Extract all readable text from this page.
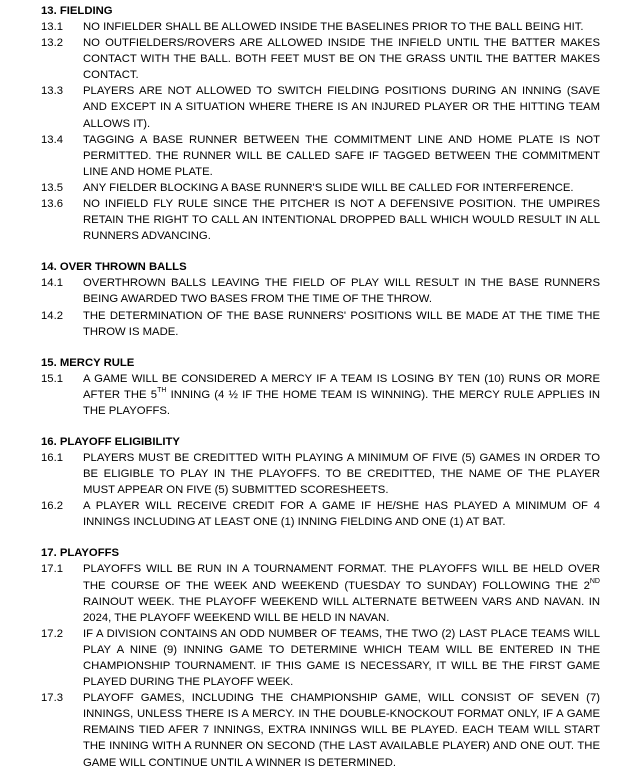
13. FIELDING
13.1	NO INFIELDER SHALL BE ALLOWED INSIDE THE BASELINES PRIOR TO THE BALL BEING HIT.
13.2	NO OUTFIELDERS/ROVERS ARE ALLOWED INSIDE THE INFIELD UNTIL THE BATTER MAKES CONTACT WITH THE BALL. BOTH FEET MUST BE ON THE GRASS UNTIL THE BATTER MAKES CONTACT.
13.3	PLAYERS ARE NOT ALLOWED TO SWITCH FIELDING POSITIONS DURING AN INNING (SAVE AND EXCEPT IN A SITUATION WHERE THERE IS AN INJURED PLAYER OR THE HITTING TEAM ALLOWS IT).
13.4	TAGGING A BASE RUNNER BETWEEN THE COMMITMENT LINE AND HOME PLATE IS NOT PERMITTED. THE RUNNER WILL BE CALLED SAFE IF TAGGED BETWEEN THE COMMITMENT LINE AND HOME PLATE.
13.5	ANY FIELDER BLOCKING A BASE RUNNER'S SLIDE WILL BE CALLED FOR INTERFERENCE.
13.6	NO INFIELD FLY RULE SINCE THE PITCHER IS NOT A DEFENSIVE POSITION. THE UMPIRES RETAIN THE RIGHT TO CALL AN INTENTIONAL DROPPED BALL WHICH WOULD RESULT IN ALL RUNNERS ADVANCING.
14. OVER THROWN BALLS
14.1	OVERTHROWN BALLS LEAVING THE FIELD OF PLAY WILL RESULT IN THE BASE RUNNERS BEING AWARDED TWO BASES FROM THE TIME OF THE THROW.
14.2	THE DETERMINATION OF THE BASE RUNNERS' POSITIONS WILL BE MADE AT THE TIME THE THROW IS MADE.
15. MERCY RULE
15.1	A GAME WILL BE CONSIDERED A MERCY IF A TEAM IS LOSING BY TEN (10) RUNS OR MORE AFTER THE 5TH INNING (4 ½ IF THE HOME TEAM IS WINNING). THE MERCY RULE APPLIES IN THE PLAYOFFS.
16. PLAYOFF ELIGIBILITY
16.1	PLAYERS MUST BE CREDITTED WITH PLAYING A MINIMUM OF FIVE (5) GAMES IN ORDER TO BE ELIGIBLE TO PLAY IN THE PLAYOFFS. TO BE CREDITTED, THE NAME OF THE PLAYER MUST APPEAR ON FIVE (5) SUBMITTED SCORESHEETS.
16.2	A PLAYER WILL RECEIVE CREDIT FOR A GAME IF HE/SHE HAS PLAYED A MINIMUM OF 4 INNINGS INCLUDING AT LEAST ONE (1) INNING FIELDING AND ONE (1) AT BAT.
17. PLAYOFFS
17.1	PLAYOFFS WILL BE RUN IN A TOURNAMENT FORMAT. THE PLAYOFFS WILL BE HELD OVER THE COURSE OF THE WEEK AND WEEKEND (TUESDAY TO SUNDAY) FOLLOWING THE 2ND RAINOUT WEEK. THE PLAYOFF WEEKEND WILL ALTERNATE BETWEEN VARS AND NAVAN. IN 2024, THE PLAYOFF WEEKEND WILL BE HELD IN NAVAN.
17.2	IF A DIVISION CONTAINS AN ODD NUMBER OF TEAMS, THE TWO (2) LAST PLACE TEAMS WILL PLAY A NINE (9) INNING GAME TO DETERMINE WHICH TEAM WILL BE ENTERED IN THE CHAMPIONSHIP TOURNAMENT. IF THIS GAME IS NECESSARY, IT WILL BE THE FIRST GAME PLAYED DURING THE PLAYOFF WEEK.
17.3	PLAYOFF GAMES, INCLUDING THE CHAMPIONSHIP GAME, WILL CONSIST OF SEVEN (7) INNINGS, UNLESS THERE IS A MERCY. IN THE DOUBLE-KNOCKOUT FORMAT ONLY, IF A GAME REMAINS TIED AFER 7 INNINGS, EXTRA INNINGS WILL BE PLAYED. EACH TEAM WILL START THE INNING WITH A RUNNER ON SECOND (THE LAST AVAILABLE PLAYER) AND ONE OUT. THE GAME WILL CONTINUE UNTIL A WINNER IS DETERMINED.
